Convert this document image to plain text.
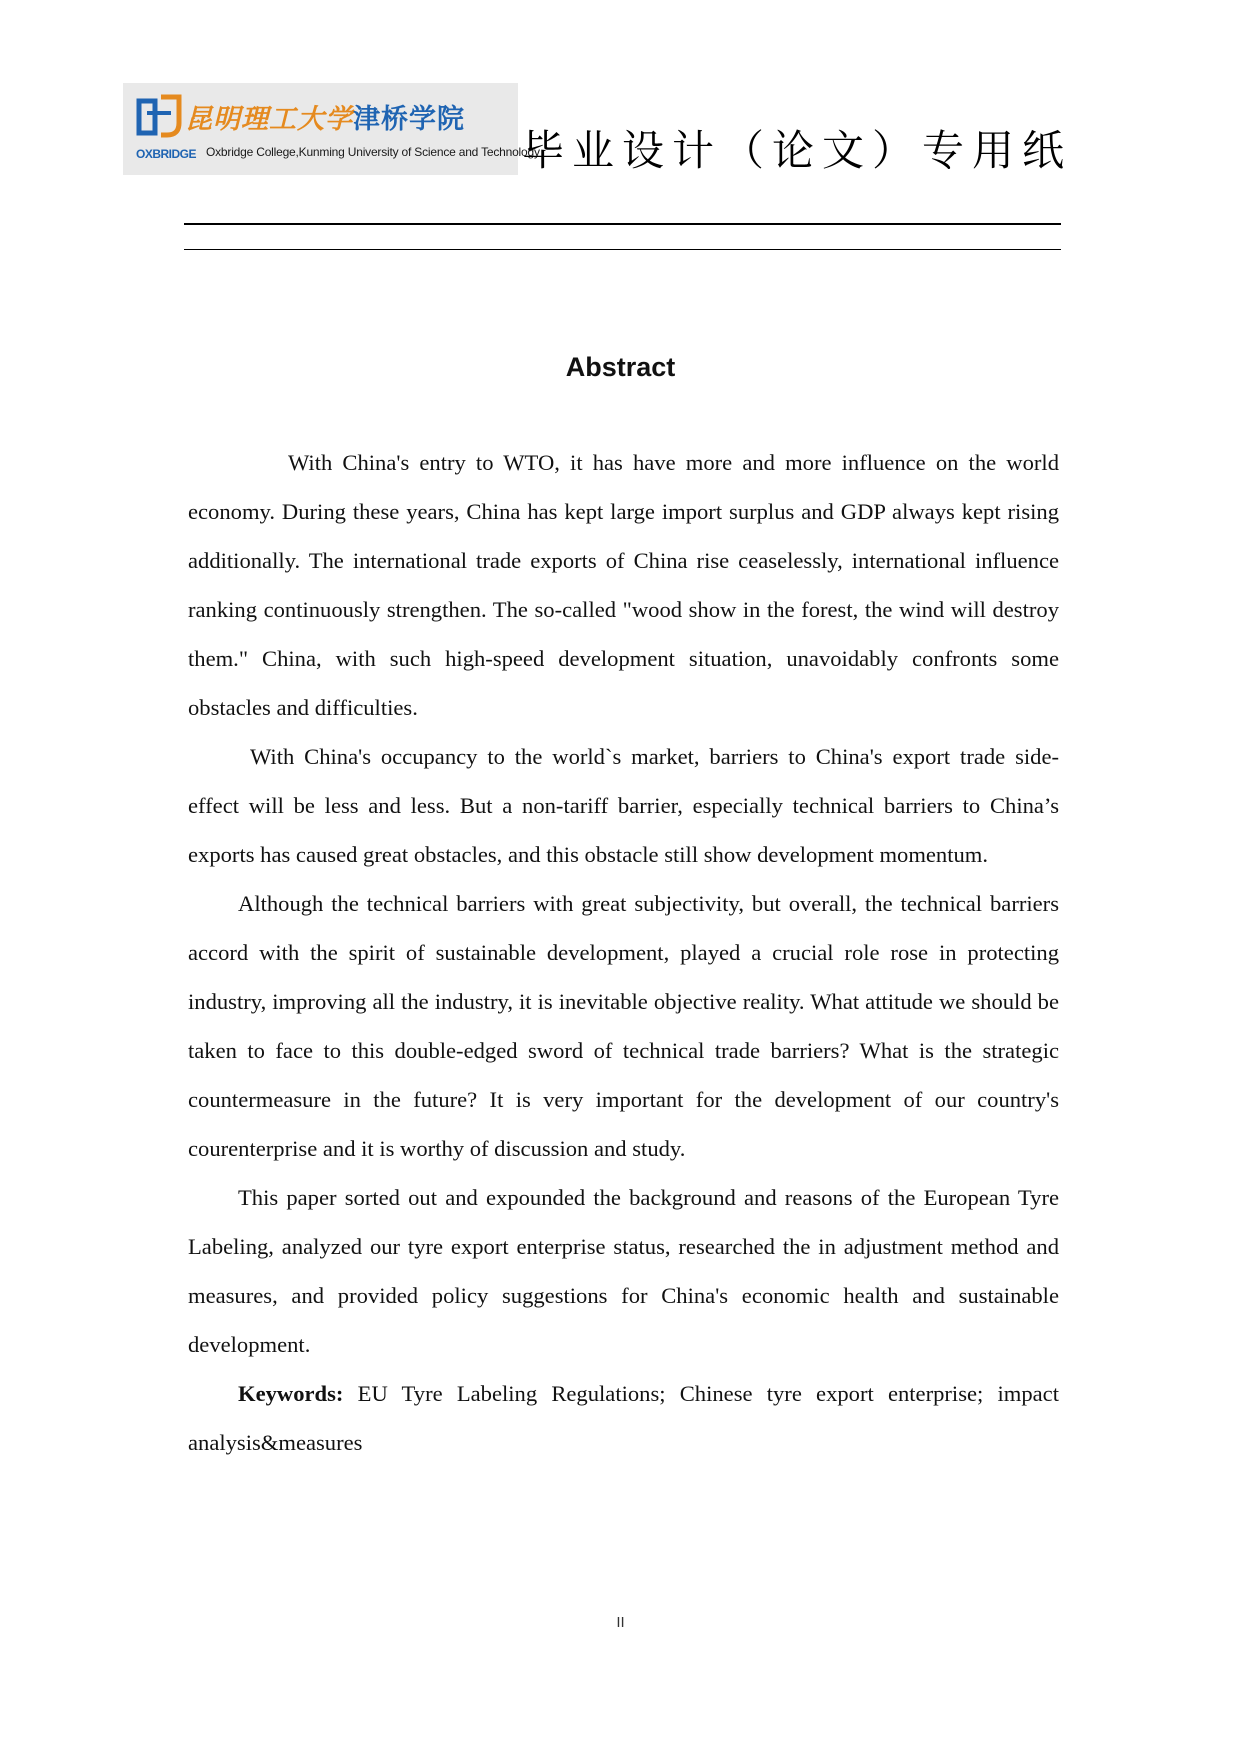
昆明理工大学津桥学院
OXBRIDGE Oxbridge College,Kunming University of Science and Technology
毕业设计（论文）专用纸
Abstract

With China's entry to WTO, it has have more and more influence on the world economy. During these years, China has kept large import surplus and GDP always kept rising additionally. The international trade exports of China rise ceaselessly, international influence ranking continuously strengthen. The so-called "wood show in the forest, the wind will destroy them." China, with such high-speed development situation, unavoidably confronts some obstacles and difficulties.

With China's occupancy to the world`s market, barriers to China's export trade side-effect will be less and less. But a non-tariff barrier, especially technical barriers to China’s exports has caused great obstacles, and this obstacle still show development momentum.

Although the technical barriers with great subjectivity, but overall, the technical barriers accord with the spirit of sustainable development, played a crucial role rose in protecting industry, improving all the industry, it is inevitable objective reality. What attitude we should be taken to face to this double-edged sword of technical trade barriers? What is the strategic countermeasure in the future? It is very important for the development of our country's courenterprise and it is worthy of discussion and study.

This paper sorted out and expounded the background and reasons of the European Tyre Labeling, analyzed our tyre export enterprise status, researched the in adjustment method and measures, and provided policy suggestions for China's economic health and sustainable development.

Keywords: EU Tyre Labeling Regulations; Chinese tyre export enterprise; impact analysis&measures

II
